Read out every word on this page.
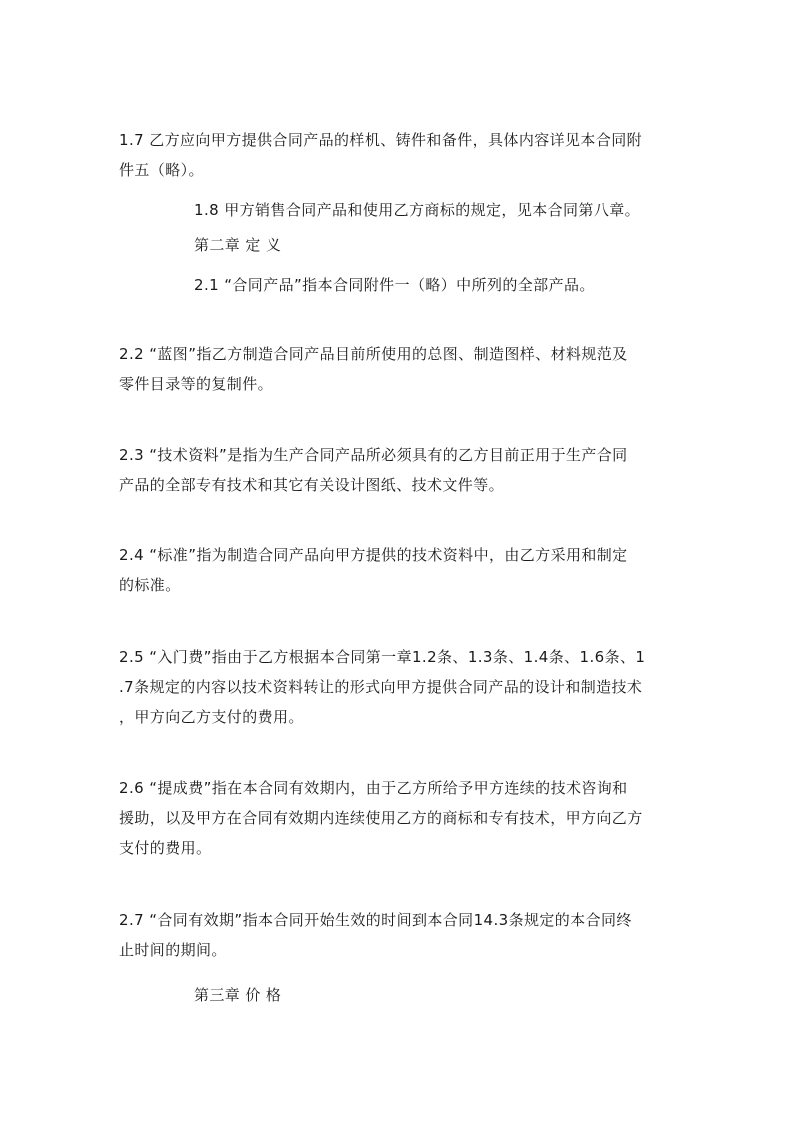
1.7 乙方应向甲方提供合同产品的样机、铸件和备件，具体内容详见本合同附
件五（略）。
1.8 甲方销售合同产品和使用乙方商标的规定，见本合同第八章。
第二章 定 义
2.1 “合同产品”指本合同附件一（略）中所列的全部产品。
2.2 “蓝图”指乙方制造合同产品目前所使用的总图、制造图样、材料规范及
零件目录等的复制件。
2.3 “技术资料”是指为生产合同产品所必须具有的乙方目前正用于生产合同
产品的全部专有技术和其它有关设计图纸、技术文件等。
2.4 “标准”指为制造合同产品向甲方提供的技术资料中，由乙方采用和制定
的标准。
2.5 “入门费”指由于乙方根据本合同第一章1.2条、1.3条、1.4条、1.6条、1
.7条规定的内容以技术资料转让的形式向甲方提供合同产品的设计和制造技术
，甲方向乙方支付的费用。
2.6 “提成费”指在本合同有效期内，由于乙方所给予甲方连续的技术咨询和
援助，以及甲方在合同有效期内连续使用乙方的商标和专有技术，甲方向乙方
支付的费用。
2.7 “合同有效期”指本合同开始生效的时间到本合同14.3条规定的本合同终
止时间的期间。
第三章 价 格
